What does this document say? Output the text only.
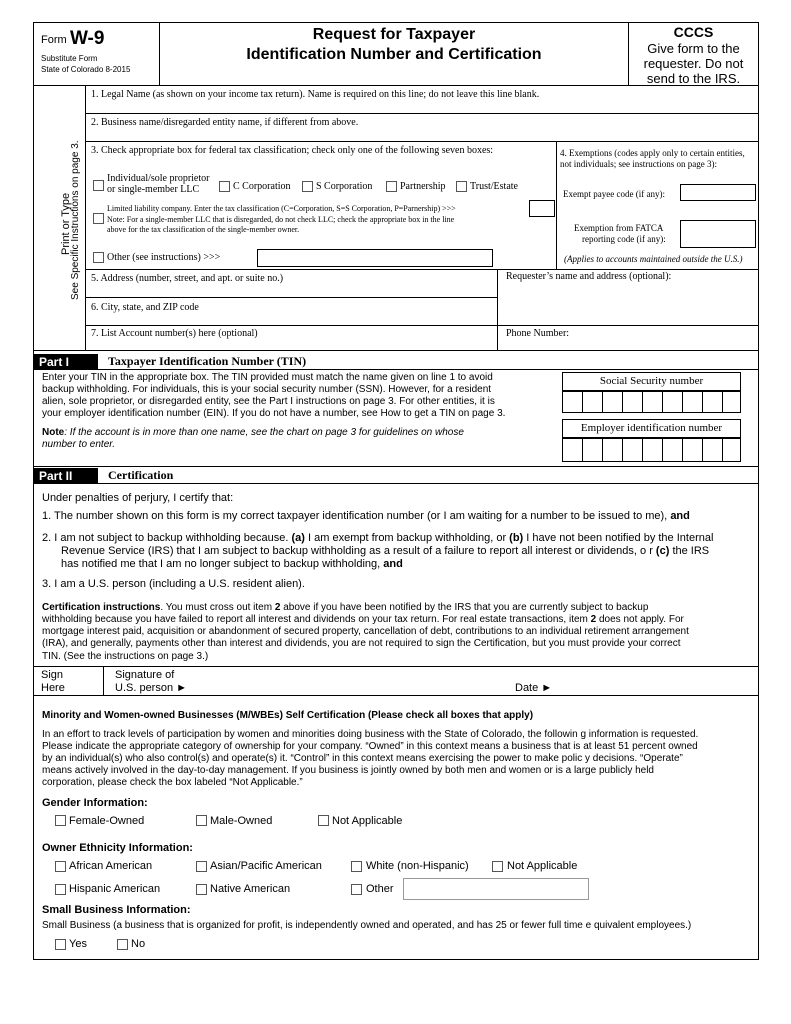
Form W-9
Substitute Form
State of Colorado 8-2015
Request for Taxpayer
Identification Number and Certification
CCCS
Give form to the
requester. Do not
send to the IRS.
See Specific Instructions on page 3.
Print or Type
1. Legal Name (as shown on your income tax return). Name is required on this line; do not leave this line blank.
2. Business name/disregarded entity name, if different from above.
3. Check appropriate box for federal tax classification; check only one of the following seven boxes:
Individual/sole proprietor
or single-member LLC	C Corporation	S Corporation	Partnership Trust/Estate
Limited liability company. Enter the tax classification (C=Corporation, S=S Corporation, P=Parnership) >>>
Note: For a single-member LLC that is disregarded, do not check LLC; check the appropriate box in the line
above for the tax classification of the single-member owner.
Other (see instructions) >>>
4. Exemptions (codes apply only to certain entities,
not individuals; see instructions on page 3):
Exempt payee code (if any):
Exemption from FATCA
reporting code (if any):
(Applies to accounts maintained outside the U.S.)
5. Address (number, street, and apt. or suite no.)	Requester’s name and address (optional):
6. City, state, and ZIP code
7. List Account number(s) here (optional)	Phone Number:
Part I	Taxpayer Identification Number (TIN)
Enter your TIN in the appropriate box. The TIN provided must match the name given on line 1 to avoid
backup withholding. For individuals, this is your social security number (SSN). However, for a resident
alien, sole proprietor, or disregarded entity, see the Part I instructions on page 3. For other entities, it is
your employer identification number (EIN). If you do not have a number, see How to get a TIN on page 3.
Note: If the account is in more than one name, see the chart on page 3 for guidelines on whose
number to enter.
Social Security number
Employer identification number
Part II	Certification
Under penalties of perjury, I certify that:
1. The number shown on this form is my correct taxpayer identification number (or I am waiting for a number to be issued to me), and
2. I am not subject to backup withholding because. (a) I am exempt from backup withholding, or (b) I have not been notified by the Internal
Revenue Service (IRS) that I am subject to backup withholding as a result of a failure to report all interest or dividends, o r (c) the IRS
has notified me that I am no longer subject to backup withholding, and
3. I am a U.S. person (including a U.S. resident alien).
Certification instructions. You must cross out item 2 above if you have been notified by the IRS that you are currently subject to backup
withholding because you have failed to report all interest and dividends on your tax return. For real estate transactions, item 2 does not apply. For
mortgage interest paid, acquisition or abandonment of secured property, cancellation of debt, contributions to an individual retirement arrangement
(IRA), and generally, payments other than interest and dividends, you are not required to sign the Certification, but you must provide your correct
TIN. (See the instructions on page 3.)
Sign
Here
Signature of
U.S. person ►	Date ►
Minority and Women-owned Businesses (M/WBEs) Self Certification (Please check all boxes that apply)
In an effort to track levels of participation by women and minorities doing business with the State of Colorado, the followin g information is requested.
Please indicate the appropriate category of ownership for your company. “Owned” in this context means a business that is at least 51 percent owned
by an individual(s) who also control(s) and operate(s) it. “Control” in this context means exercising the power to make polic y decisions. “Operate”
means actively involved in the day-to-day management. If you business is jointly owned by both men and women or is a large publicly held
corporation, please check the box labeled “Not Applicable.”
Gender Information:
Female-Owned	Male-Owned	Not Applicable
Owner Ethnicity Information:
African American	Asian/Pacific American	White (non-Hispanic)	Not Applicable
Hispanic American	Native American	Other
Small Business Information:
Small Business (a business that is organized for profit, is independently owned and operated, and has 25 or fewer full time e quivalent employees.)
Yes	No
